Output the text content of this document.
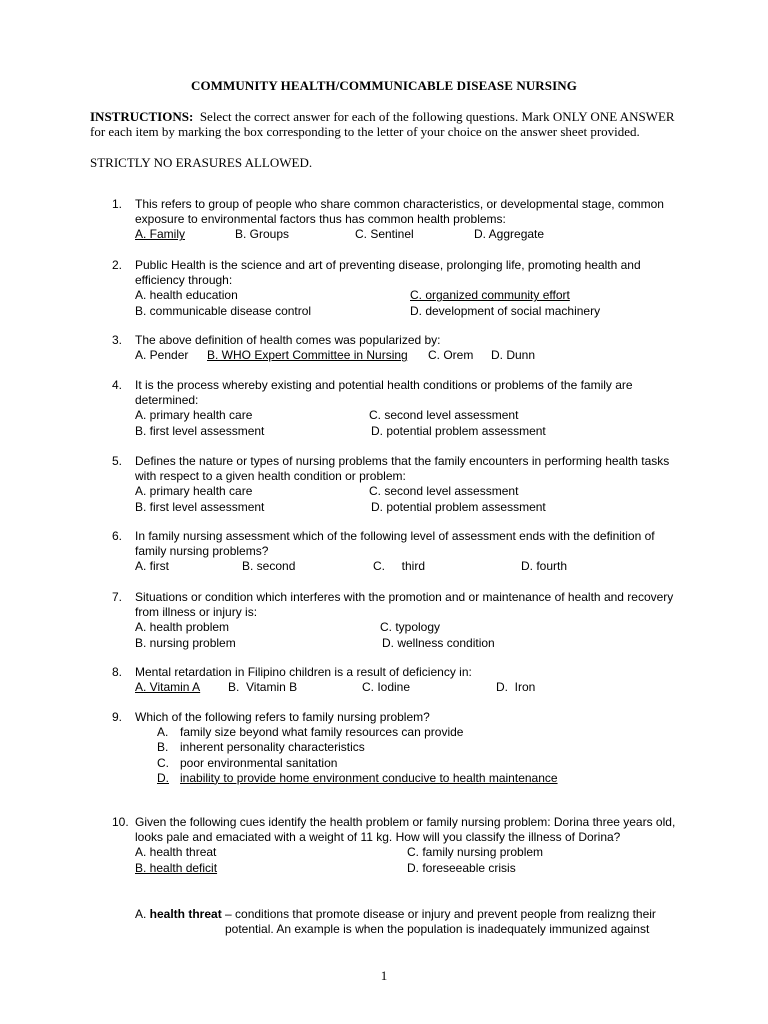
COMMUNITY HEALTH/COMMUNICABLE DISEASE NURSING
INSTRUCTIONS: Select the correct answer for each of the following questions. Mark ONLY ONE ANSWER for each item by marking the box corresponding to the letter of your choice on the answer sheet provided.
STRICTLY NO ERASURES ALLOWED.
1. This refers to group of people who share common characteristics, or developmental stage, common exposure to environmental factors thus has common health problems:
A. Family	B. Groups	C. Sentinel	D. Aggregate
2. Public Health is the science and art of preventing disease, prolonging life, promoting health and efficiency through:
A. health education	C. organized community effort
B. communicable disease control	D. development of social machinery
3. The above definition of health comes was popularized by:
A. Pender B. WHO Expert Committee in Nursing C. Orem D. Dunn
4. It is the process whereby existing and potential health conditions or problems of the family are determined:
A. primary health care	C. second level assessment
B. first level assessment	D. potential problem assessment
5. Defines the nature or types of nursing problems that the family encounters in performing health tasks with respect to a given health condition or problem:
A. primary health care	C. second level assessment
B. first level assessment	D. potential problem assessment
6. In family nursing assessment which of the following level of assessment ends with the definition of family nursing problems?
A. first	B. second	C.     third	D. fourth
7. Situations or condition which interferes with the promotion and or maintenance of health and recovery from illness or injury is:
A. health problem	C. typology
B. nursing problem	D. wellness condition
8. Mental retardation in Filipino children is a result of deficiency in:
A. Vitamin A B.  Vitamin B	C. Iodine	D.  Iron
9. Which of the following refers to family nursing problem?
A. family size beyond what family resources can provide
B. inherent personality characteristics
C. poor environmental sanitation
D. inability to provide home environment conducive to health maintenance
10. Given the following cues identify the health problem or family nursing problem: Dorina three years old, looks pale and emaciated with a weight of 11 kg. How will you classify the illness of Dorina?
A. health threat	C. family nursing problem
B. health deficit	D. foreseeable crisis
A. health threat – conditions that promote disease or injury and prevent people from realizng their
potential. An example is when the population is inadequately immunized against
1
